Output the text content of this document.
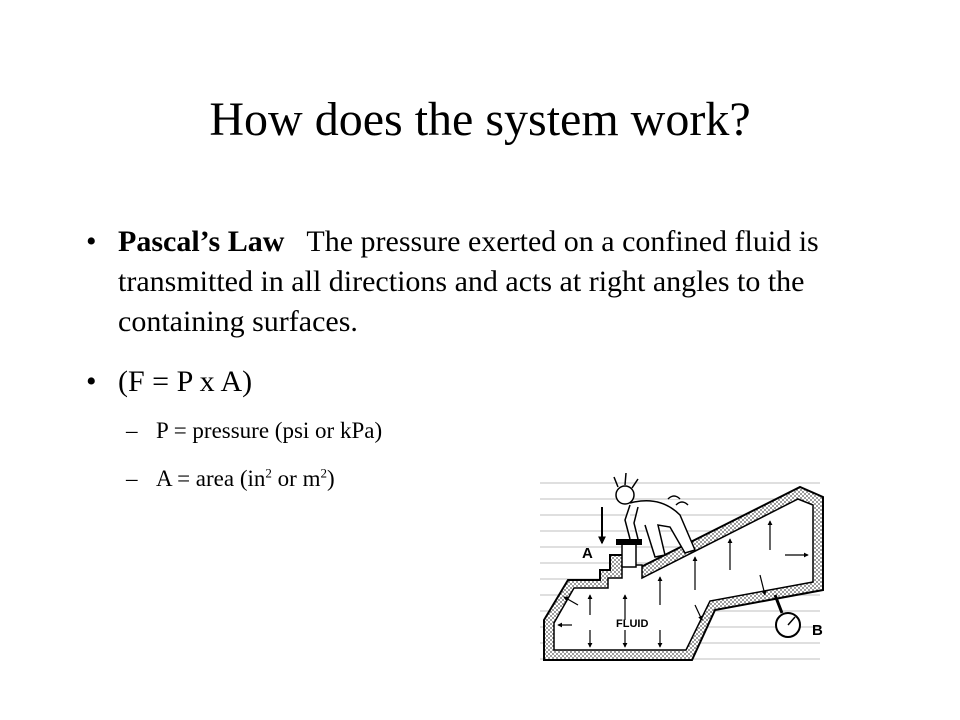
How does the system work?
• Pascal’s Law The pressure exerted on a confined fluid is transmitted in all directions and acts at right angles to the containing surfaces.
• (F = P x A)
– P = pressure (psi or kPa)
– A = area ($in^2$ or $m^2$)
A
B
FLUID
